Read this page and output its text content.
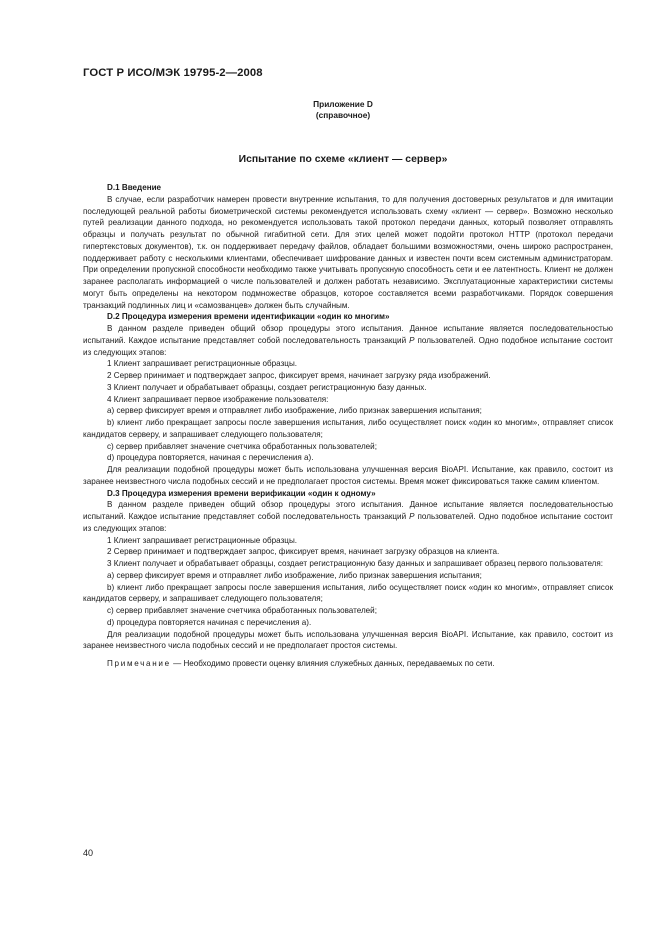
ГОСТ Р ИСО/МЭК 19795-2—2008
Приложение D
(справочное)
Испытание по схеме «клиент — сервер»

D.1 Введение

В случае, если разработчик намерен провести внутренние испытания, то для получения достоверных результатов и для имитации последующей реальной работы биометрической системы рекомендуется использовать схему «клиент — сервер». Возможно несколько путей реализации данного подхода, но рекомендуется использовать такой протокол передачи данных, который позволяет отправлять образцы и получать результат по обычной гигабитной сети. Для этих целей может подойти протокол HTTP (протокол передачи гипертекстовых документов), т.к. он поддерживает передачу файлов, обладает большими возможностями, очень широко распространен, поддерживает работу с несколькими клиентами, обеспечивает шифрование данных и известен почти всем системным администраторам. При определении пропускной способности необходимо также учитывать пропускную способность сети и ее латентность. Клиент не должен заранее располагать информацией о числе пользователей и должен работать независимо. Эксплуатационные характеристики системы могут быть определены на некотором подмножестве образцов, которое составляется всеми разработчиками. Порядок совершения транзакций подлинных лиц и «самозванцев» должен быть случайным.

D.2 Процедура измерения времени идентификации «один ко многим»

В данном разделе приведен общий обзор процедуры этого испытания. Данное испытание является последовательностью испытаний. Каждое испытание представляет собой последовательность транзакций P пользователей. Одно подобное испытание состоит из следующих этапов:

1 Клиент запрашивает регистрационные образцы.

2 Сервер принимает и подтверждает запрос, фиксирует время, начинает загрузку ряда изображений.

3 Клиент получает и обрабатывает образцы, создает регистрационную базу данных.

4 Клиент запрашивает первое изображение пользователя:

a) сервер фиксирует время и отправляет либо изображение, либо признак завершения испытания;

b) клиент либо прекращает запросы после завершения испытания, либо осуществляет поиск «один ко многим», отправляет список кандидатов серверу, и запрашивает следующего пользователя;

c) сервер прибавляет значение счетчика обработанных пользователей;

d) процедура повторяется, начиная с перечисления а).

Для реализации подобной процедуры может быть использована улучшенная версия BioAPI. Испытание, как правило, состоит из заранее неизвестного числа подобных сессий и не предполагает простоя системы. Время может фиксироваться также самим клиентом.

D.3 Процедура измерения времени верификации «один к одному»

В данном разделе приведен общий обзор процедуры этого испытания. Данное испытание является последовательностью испытаний. Каждое испытание представляет собой последовательность транзакций P пользователей. Одно подобное испытание состоит из следующих этапов:

1 Клиент запрашивает регистрационные образцы.

2 Сервер принимает и подтверждает запрос, фиксирует время, начинает загрузку образцов на клиента.

3 Клиент получает и обрабатывает образцы, создает регистрационную базу данных и запрашивает образец первого пользователя:

a) сервер фиксирует время и отправляет либо изображение, либо признак завершения испытания;

b) клиент либо прекращает запросы после завершения испытания, либо осуществляет поиск «один ко многим», отправляет список кандидатов серверу, и запрашивает следующего пользователя;

c) сервер прибавляет значение счетчика обработанных пользователей;

d) процедура повторяется начиная с перечисления а).

Для реализации подобной процедуры может быть использована улучшенная версия BioAPI. Испытание, как правило, состоит из заранее неизвестного числа подобных сессий и не предполагает простоя системы.

Примечание — Необходимо провести оценку влияния служебных данных, передаваемых по сети.

40
